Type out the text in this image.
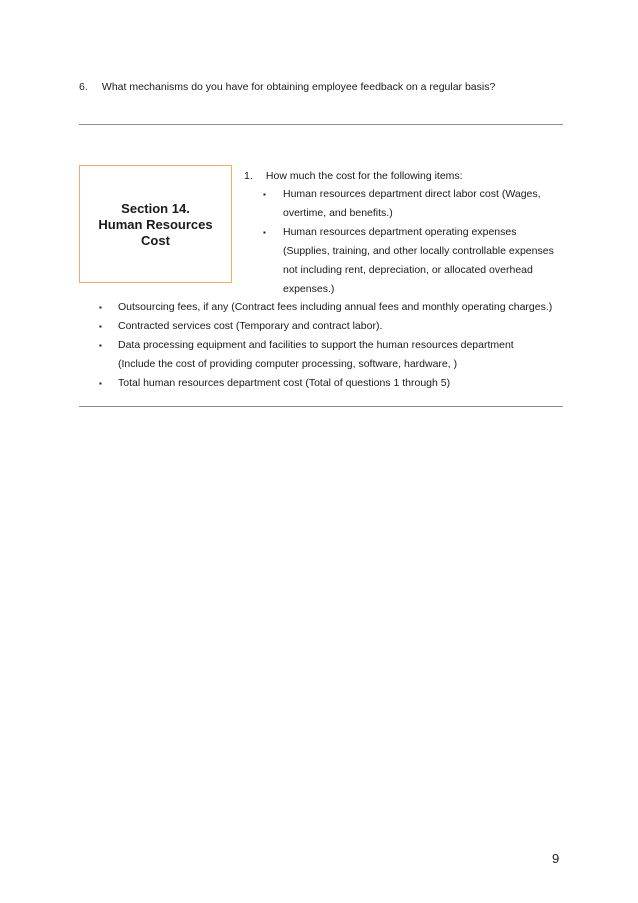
6. What mechanisms do you have for obtaining employee feedback on a regular basis?
Section 14.
Human Resources
Cost
1. How much the cost for the following items:
▪ Human resources department direct labor cost (Wages,
overtime, and benefits.)
▪ Human resources department operating expenses
(Supplies, training, and other locally controllable expenses
not including rent, depreciation, or allocated overhead
expenses.)
▪ Outsourcing fees, if any (Contract fees including annual fees and monthly operating charges.)
▪ Contracted services cost (Temporary and contract labor).
▪ Data processing equipment and facilities to support the human resources department
(Include the cost of providing computer processing, software, hardware, )
▪ Total human resources department cost (Total of questions 1 through 5)
9
